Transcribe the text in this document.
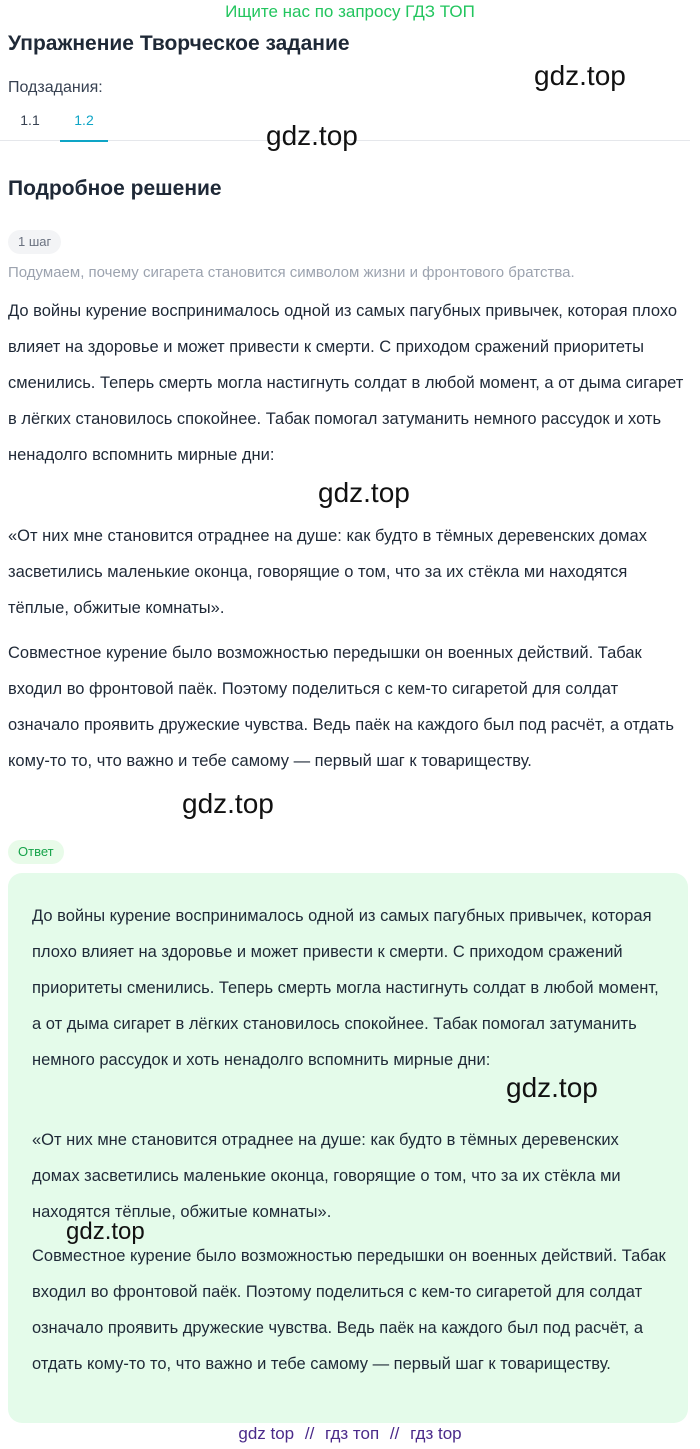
Ищите нас по запросу ГДЗ ТОП
Упражнение Творческое задание
Подзадания:
1.1	1.2
Подробное решение
1 шаг
Подумаем, почему сигарета становится символом жизни и фронтового братства.

До войны курение воспринималось одной из самых пагубных привычек, которая плохо влияет на здоровье и может привести к смерти. С приходом сражений приоритеты сменились. Теперь смерть могла настигнуть солдат в любой момент, а от дыма сигарет в лёгких становилось спокойнее. Табак помогал затуманить немного рассудок и хоть ненадолго вспомнить мирные дни:

«От них мне становится отраднее на душе: как будто в тёмных деревенских домах засветились маленькие оконца, говорящие о том, что за их стёкла ми находятся тёплые, обжитые комнаты».

Совместное курение было возможностью передышки он военных действий. Табак входил во фронтовой паёк. Поэтому поделиться с кем-то сигаретой для солдат означало проявить дружеские чувства. Ведь паёк на каждого был под расчёт, а отдать кому-то то, что важно и тебе самому — первый шаг к товариществу.

Ответ

До войны курение воспринималось одной из самых пагубных привычек, которая плохо влияет на здоровье и может привести к смерти. С приходом сражений приоритеты сменились. Теперь смерть могла настигнуть солдат в любой момент, а от дыма сигарет в лёгких становилось спокойнее. Табак помогал затуманить немного рассудок и хоть ненадолго вспомнить мирные дни:

«От них мне становится отраднее на душе: как будто в тёмных деревенских домах засветились маленькие оконца, говорящие о том, что за их стёкла ми находятся тёплые, обжитые комнаты».

Совместное курение было возможностью передышки он военных действий. Табак входил во фронтовой паёк. Поэтому поделиться с кем-то сигаретой для солдат означало проявить дружеские чувства. Ведь паёк на каждого был под расчёт, а отдать кому-то то, что важно и тебе самому — первый шаг к товариществу.

gdz.top
gdz.top
gdz.top
gdz.top
gdz.top
gdz.top
gdz top // гдз топ // гдз top
